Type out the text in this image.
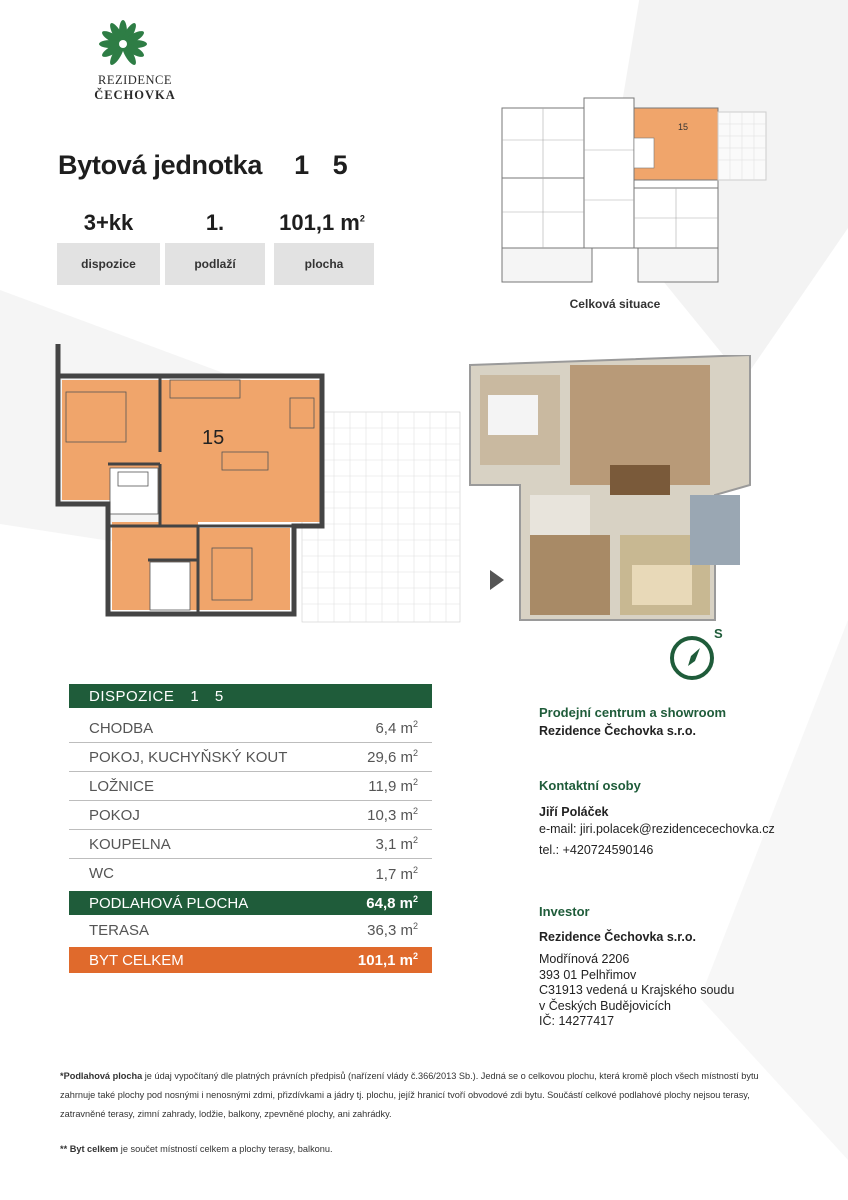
REZIDENCE
ČECHOVKA
Bytová jednotka 1 5
3+kk	1.	101,1 $m^2$
dispozice	podlaží	plocha
15
Celková situace
15
S
DISPOZICE 1 5
CHODBA	6,4 $m^2$
POKOJ, KUCHYŇSKÝ KOUT	29,6 $m^2$
LOŽNICE	11,9 $m^2$
POKOJ	10,3 $m^2$
KOUPELNA	3,1 $m^2$
WC	1,7 $m^2$
PODLAHOVÁ PLOCHA	64,8 $m^2$
TERASA	36,3 $m^2$
BYT CELKEM	101,1 $m^2$
Prodejní centrum a showroom
Rezidence Čechovka s.r.o.
Kontaktní osoby
Jiří Poláček
e-mail: jiri.polacek@rezidencecechovka.cz
tel.: +420724590146
Investor
Rezidence Čechovka s.r.o.
Modřínová 2206
393 01 Pelhřimov
C31913 vedená u Krajského soudu
v Českých Budějovicích
IČ: 14277417
*Podlahová plocha je údaj vypočítaný dle platných právních předpisů (nařízení vlády č.366/2013 Sb.). Jedná se o celkovou plochu, která kromě ploch všech místností bytu zahrnuje také plochy pod nosnými i nenosnými zdmi, přizdívkami a jádry tj. plochu, jejíž hranicí tvoří obvodové zdi bytu. Součástí celkové podlahové plochy nejsou terasy, zatravněné terasy, zimní zahrady, lodžie, balkony, zpevněné plochy, ani zahrádky.
** Byt celkem je součet místností celkem a plochy terasy, balkonu.
